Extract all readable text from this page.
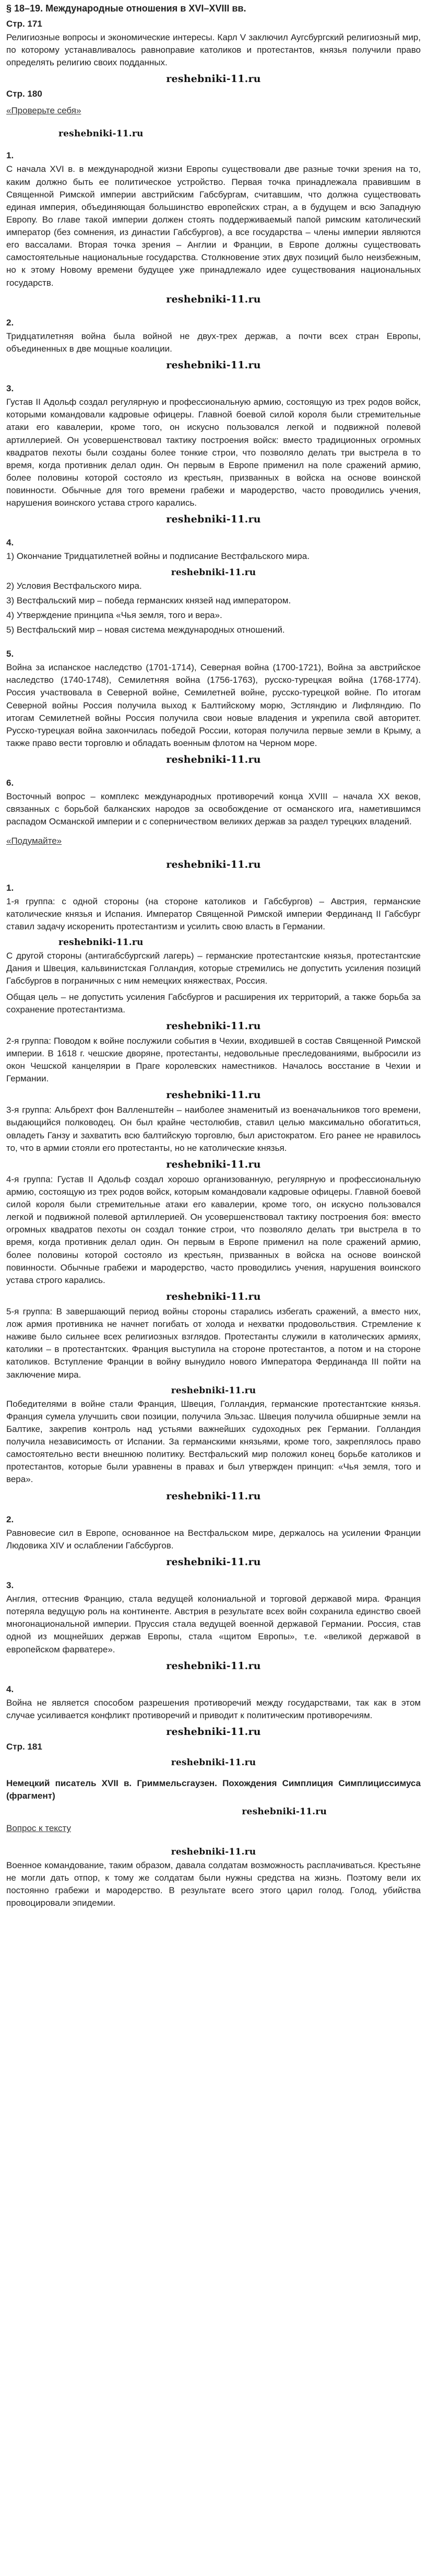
§ 18–19. Международные отношения в XVI–XVIII вв.
Стр. 171

Религиозные вопросы и экономические интересы. Карл V заключил Аугсбургский религиозный мир, по которому устанавливалось равноправие католиков и протестантов, князья получили право определять религию своих подданных.

reshebniki-11.ru
Стр. 180
«Проверьте себя»
reshebniki-11.ru
1.

С начала XVI в. в международной жизни Европы существовали две разные точки зрения на то, каким должно быть ее политическое устройство. Первая точка принадлежала правившим в Священной Римской империи австрийским Габсбургам, считавшим, что должна существовать единая империя, объединяющая большинство европейских стран, а в будущем и всю Западную Европу. Во главе такой империи должен стоять поддерживаемый папой римским католический император (без сомнения, из династии Габсбургов), а все государства – члены империи являются его вассалами. Вторая точка зрения – Англии и Франции, в Европе должны существовать самостоятельные национальные государства. Столкновение этих двух позиций было неизбежным, но к этому Новому времени будущее уже принадлежало идее существования национальных государств.

reshebniki-11.ru
2.

Тридцатилетняя война была войной не двух-трех держав, а почти всех стран Европы, объединенных в две мощные коалиции.

reshebniki-11.ru
3.

Густав II Адольф создал регулярную и профессиональную армию, состоящую из трех родов войск, которыми командовали кадровые офицеры. Главной боевой силой короля были стремительные атаки его кавалерии, кроме того, он искусно пользовался легкой и подвижной полевой артиллерией. Он усовершенствовал тактику построения войск: вместо традиционных огромных квадратов пехоты были созданы более тонкие строи, что позволяло делать три выстрела в то время, когда противник делал один. Он первым в Европе применил на поле сражений армию, более половины которой состояло из крестьян, призванных в войска на основе воинской повинности. Обычные для того времени грабежи и мародерство, часто проводились учения, нарушения воинского устава строго карались.

reshebniki-11.ru
4.
1) Окончание Тридцатилетней войны и подписание Вестфальского мира.
reshebniki-11.ru
2) Условия Вестфальского мира.
3) Вестфальский мир – победа германских князей над императором.
4) Утверждение принципа «Чья земля, того и вера».
5) Вестфальский мир – новая система международных отношений.
5.

Война за испанское наследство (1701-1714), Северная война (1700-1721), Война за австрийское наследство (1740-1748), Семилетняя война (1756-1763), русско-турецкая война (1768-1774). Россия участвовала в Северной войне, Семилетней войне, русско-турецкой войне. По итогам Северной войны Россия получила выход к Балтийскому морю, Эстляндию и Лифляндию. По итогам Семилетней войны Россия получила свои новые владения и укрепила свой авторитет. Русско-турецкая война закончилась победой России, которая получила первые земли в Крыму, а также право вести торговлю и обладать военным флотом на Черном море.

reshebniki-11.ru
6.

Восточный вопрос – комплекс международных противоречий конца XVIII – начала XX веков, связанных с борьбой балканских народов за освобождение от османского ига, наметившимся распадом Османской империи и с соперничеством великих держав за раздел турецких владений.

«Подумайте»
reshebniki-11.ru
1.

1-я группа: с одной стороны (на стороне католиков и Габсбургов) – Австрия, германские католические князья и Испания. Император Священной Римской империи Фердинанд II Габсбург ставил задачу искоренить протестантизм и усилить свою власть в Германии.

reshebniki-11.ru

С другой стороны (антигабсбургский лагерь) – германские протестантские князья, протестантские Дания и Швеция, кальвинистская Голландия, которые стремились не допустить усиления позиций Габсбургов в пограничных с ним немецких княжествах, Россия.

Общая цель – не допустить усиления Габсбургов и расширения их территорий, а также борьба за сохранение протестантизма.

reshebniki-11.ru

2-я группа: Поводом к войне послужили события в Чехии, входившей в состав Священной Римской империи. В 1618 г. чешские дворяне, протестанты, недовольные преследованиями, выбросили из окон Чешской канцелярии в Праге королевских наместников. Началось восстание в Чехии и Германии.

reshebniki-11.ru

3-я группа: Альбрехт фон Валленштейн – наиболее знаменитый из военачальников того времени, выдающийся полководец. Он был крайне честолюбив, ставил целью максимально обогатиться, овладеть Ганзу и захватить всю балтийскую торговлю, был аристократом. Его ранее не нравилось то, что в армии стояли его протестанты, но не католические князья.

reshebniki-11.ru

4-я группа: Густав II Адольф создал хорошо организованную, регулярную и профессиональную армию, состоящую из трех родов войск, которым командовали кадровые офицеры. Главной боевой силой короля были стремительные атаки его кавалерии, кроме того, он искусно пользовался легкой и подвижной полевой артиллерией. Он усовершенствовал тактику построения боя: вместо огромных квадратов пехоты он создал тонкие строи, что позволяло делать три выстрела в то время, когда противник делал один. Он первым в Европе применил на поле сражений армию, более половины которой состояло из крестьян, призванных в войска на основе воинской повинности. Обычные грабежи и мародерство, часто проводились учения, нарушения воинского устава строго карались.

reshebniki-11.ru

5-я группа: В завершающий период войны стороны старались избегать сражений, а вместо них, лож армия противника не начнет погибать от холода и нехватки продовольствия. Стремление к наживе было сильнее всех религиозных взглядов. Протестанты служили в католических армиях, католики – в протестантских. Франция выступила на стороне протестантов, а потом и на стороне католиков. Вступление Франции в войну вынудило нового Императора Фердинанда III пойти на заключение мира.

reshebniki-11.ru

Победителями в войне стали Франция, Швеция, Голландия, германские протестантские князья. Франция сумела улучшить свои позиции, получила Эльзас. Швеция получила обширные земли на Балтике, закрепив контроль над устьями важнейших судоходных рек Германии. Голландия получила независимость от Испании. За германскими князьями, кроме того, закреплялось право самостоятельно вести внешнюю политику. Вестфальский мир положил конец борьбе католиков и протестантов, которые были уравнены в правах и был утвержден принцип: «Чья земля, того и вера».

reshebniki-11.ru
2.

Равновесие сил в Европе, основанное на Вестфальском мире, держалось на усилении Франции Людовика XIV и ослаблении Габсбургов.

reshebniki-11.ru
3.

Англия, оттеснив Францию, стала ведущей колониальной и торговой державой мира. Франция потеряла ведущую роль на континенте. Австрия в результате всех войн сохранила единство своей многонациональной империи. Пруссия стала ведущей военной державой Германии. Россия, став одной из мощнейших держав Европы, стала «щитом Европы», т.е. «великой державой в европейском фарватере».

reshebniki-11.ru
4.

Война не является способом разрешения противоречий между государствами, так как в этом случае усиливается конфликт противоречий и приводит к политическим противоречиям.

reshebniki-11.ru
Стр. 181
reshebniki-11.ru

Немецкий писатель XVII в. Гриммельсгаузен. Похождения Симплиция Симплициссимуса (фрагмент)

reshebniki-11.ru
Вопрос к тексту
reshebniki-11.ru

Военное командование, таким образом, давала солдатам возможность расплачиваться. Крестьяне не могли дать отпор, к тому же солдатам были нужны средства на жизнь. Поэтому вели их постоянно грабежи и мародерство. В результате всего этого царил голод. Голод, убийства провоцировали эпидемии.
